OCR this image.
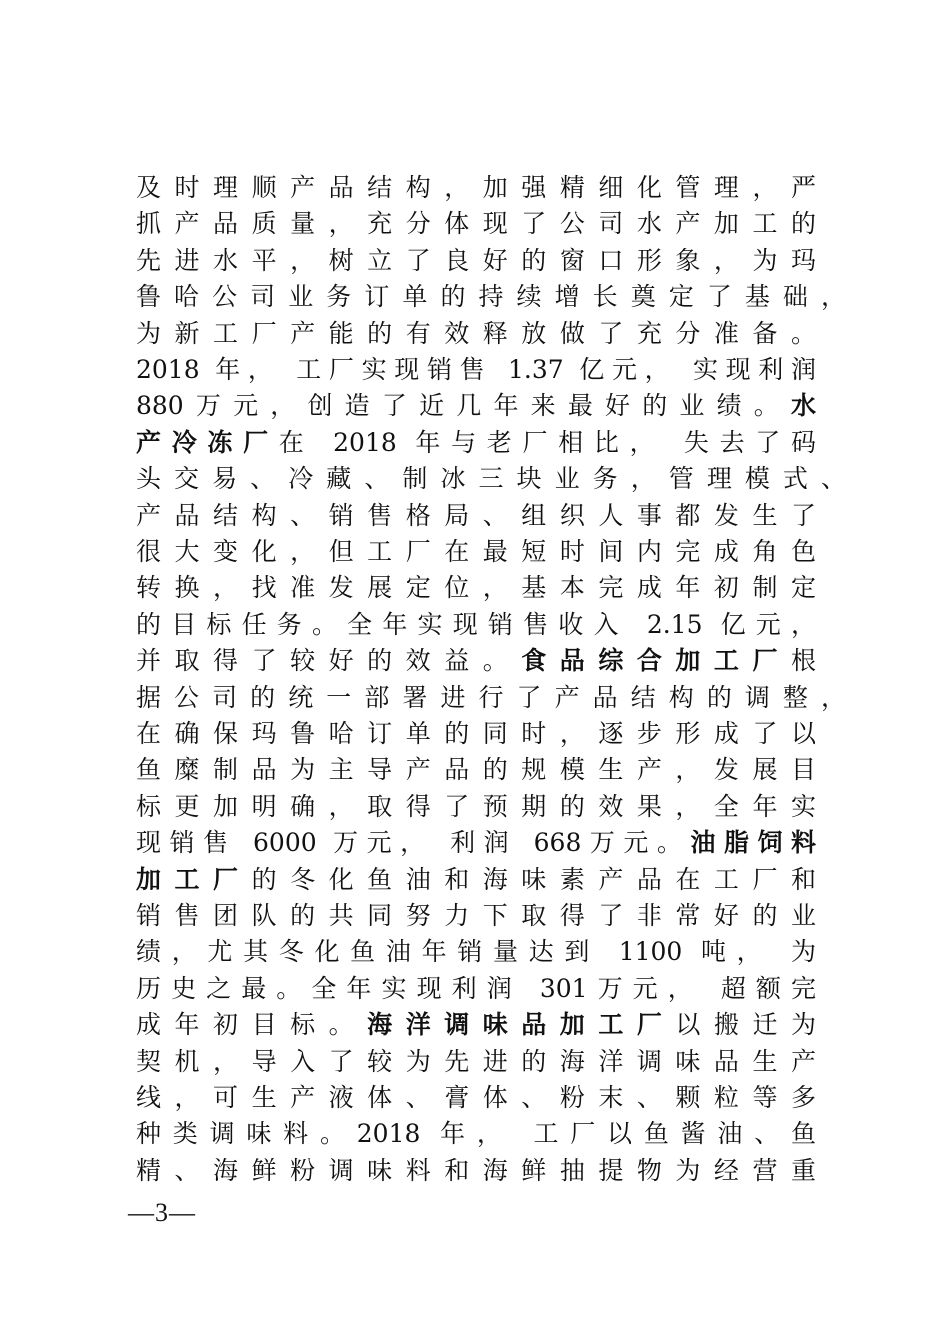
及时理顺产品结构，加强精细化管理，严
抓产品质量，充分体现了公司水产加工的
先进水平，树立了良好的窗口形象，为玛
鲁哈公司业务订单的持续增长奠定了基础，
为新工厂产能的有效释放做了充分准备。
2018 年， 工厂实现销售 1.37 亿元， 实现利润
880万元，创造了近几年来最好的业绩。水
产冷冻厂在 2018 年与老厂相比， 失去了码
头交易、冷藏、制冰三块业务，管理模式、
产品结构、销售格局、组织人事都发生了
很大变化，但工厂在最短时间内完成角色
转换，找准发展定位，基本完成年初制定
的目标任务。全年实现销售收入 2.15 亿元，
并取得了较好的效益。食品综合加工厂根
据公司的统一部署进行了产品结构的调整，
在确保玛鲁哈订单的同时，逐步形成了以
鱼糜制品为主导产品的规模生产，发展目
标更加明确，取得了预期的效果，全年实
现销售 6000 万元， 利润 668万元。油脂饲料
加工厂的冬化鱼油和海味素产品在工厂和
销售团队的共同努力下取得了非常好的业
绩，尤其冬化鱼油年销量达到 1100 吨， 为
历史之最。全年实现利润 301万元， 超额完
成年初目标。海洋调味品加工厂以搬迁为
契机，导入了较为先进的海洋调味品生产
线，可生产液体、膏体、粉末、颗粒等多
种类调味料。2018 年， 工厂以鱼酱油、鱼
精、海鲜粉调味料和海鲜抽提物为经营重
—3—
